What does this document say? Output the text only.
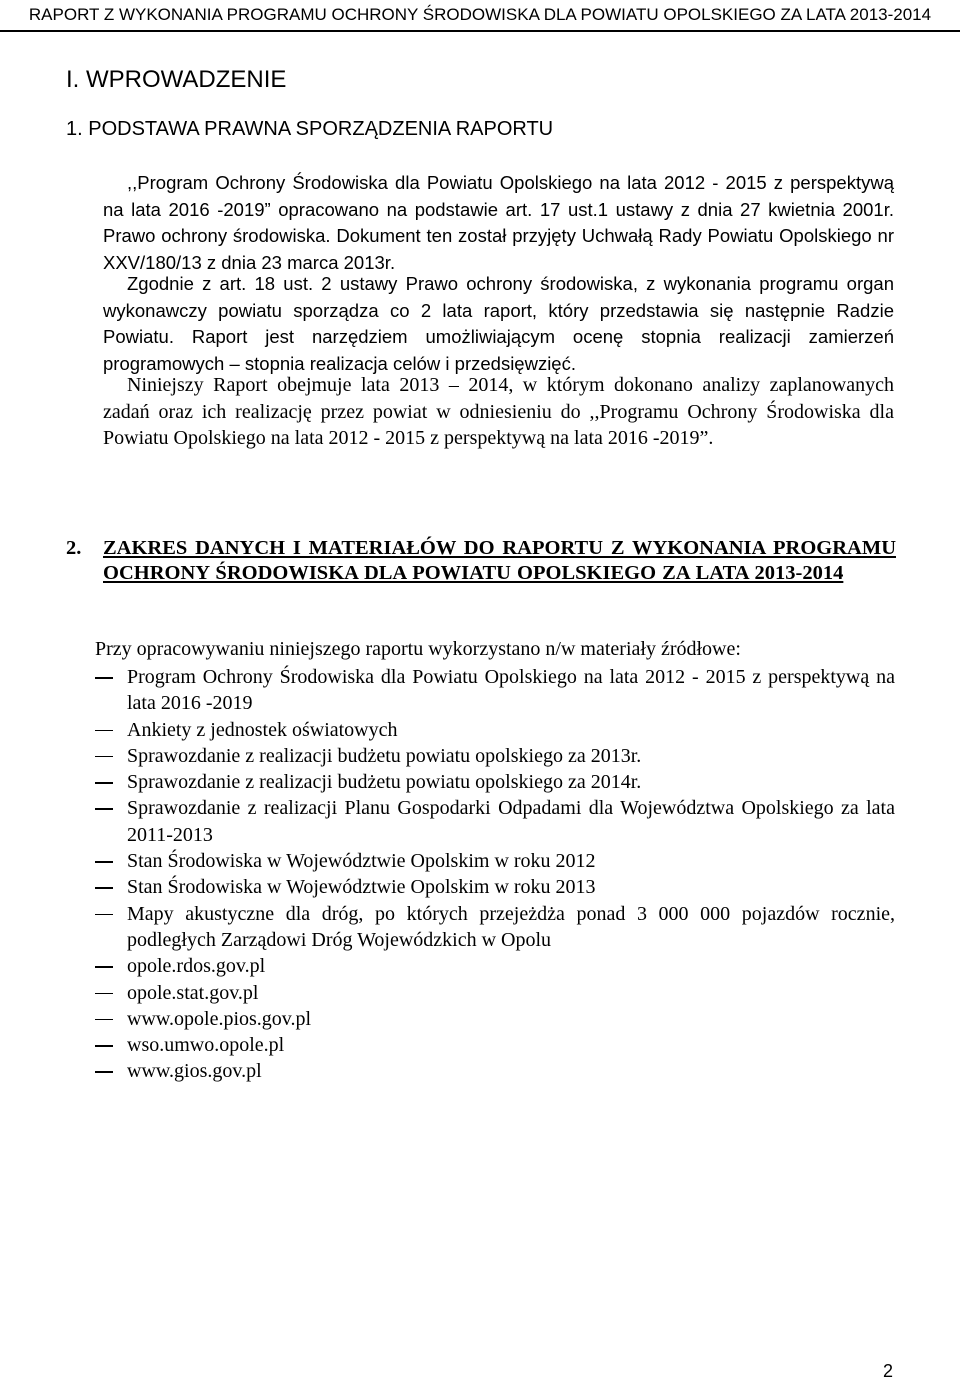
RAPORT Z WYKONANIA PROGRAMU OCHRONY ŚRODOWISKA DLA POWIATU OPOLSKIEGO ZA LATA 2013-2014
I. WPROWADZENIE
1. PODSTAWA PRAWNA SPORZĄDZENIA RAPORTU

,,Program Ochrony Środowiska dla Powiatu Opolskiego na lata 2012 - 2015 z perspektywą na lata 2016 -2019” opracowano na podstawie art. 17 ust.1 ustawy z dnia 27 kwietnia 2001r. Prawo ochrony środowiska. Dokument ten został przyjęty Uchwałą Rady Powiatu Opolskiego nr XXV/180/13 z dnia 23 marca 2013r.

Zgodnie z art. 18 ust. 2 ustawy Prawo ochrony środowiska, z wykonania programu organ wykonawczy powiatu sporządza co 2 lata raport, który przedstawia się następnie Radzie Powiatu. Raport jest narzędziem umożliwiającym ocenę stopnia realizacji zamierzeń programowych – stopnia realizacja celów i przedsięwzięć.

Niniejszy Raport obejmuje lata 2013 – 2014, w którym dokonano analizy zaplanowanych zadań oraz ich realizację przez powiat w odniesieniu do ,,Programu Ochrony Środowiska dla Powiatu Opolskiego na lata 2012 - 2015 z perspektywą na lata 2016 -2019”.

2. ZAKRES DANYCH I MATERIAŁÓW DO RAPORTU Z WYKONANIA PROGRAMU OCHRONY ŚRODOWISKA DLA POWIATU OPOLSKIEGO ZA LATA 2013-2014
Przy opracowywaniu niniejszego raportu wykorzystano n/w materiały źródłowe:
Program Ochrony Środowiska dla Powiatu Opolskiego na lata 2012 - 2015 z perspektywą na lata 2016 -2019
Ankiety z jednostek oświatowych
Sprawozdanie z realizacji budżetu powiatu opolskiego za 2013r.
Sprawozdanie z realizacji budżetu powiatu opolskiego za 2014r.
Sprawozdanie z realizacji Planu Gospodarki Odpadami dla Województwa Opolskiego za lata 2011-2013
Stan Środowiska w Województwie Opolskim w roku 2012
Stan Środowiska w Województwie Opolskim w roku 2013
Mapy akustyczne dla dróg, po których przejeżdża ponad 3 000 000 pojazdów rocznie, podległych Zarządowi Dróg Wojewódzkich w Opolu
opole.rdos.gov.pl
opole.stat.gov.pl
www.opole.pios.gov.pl
wso.umwo.opole.pl
www.gios.gov.pl
2
